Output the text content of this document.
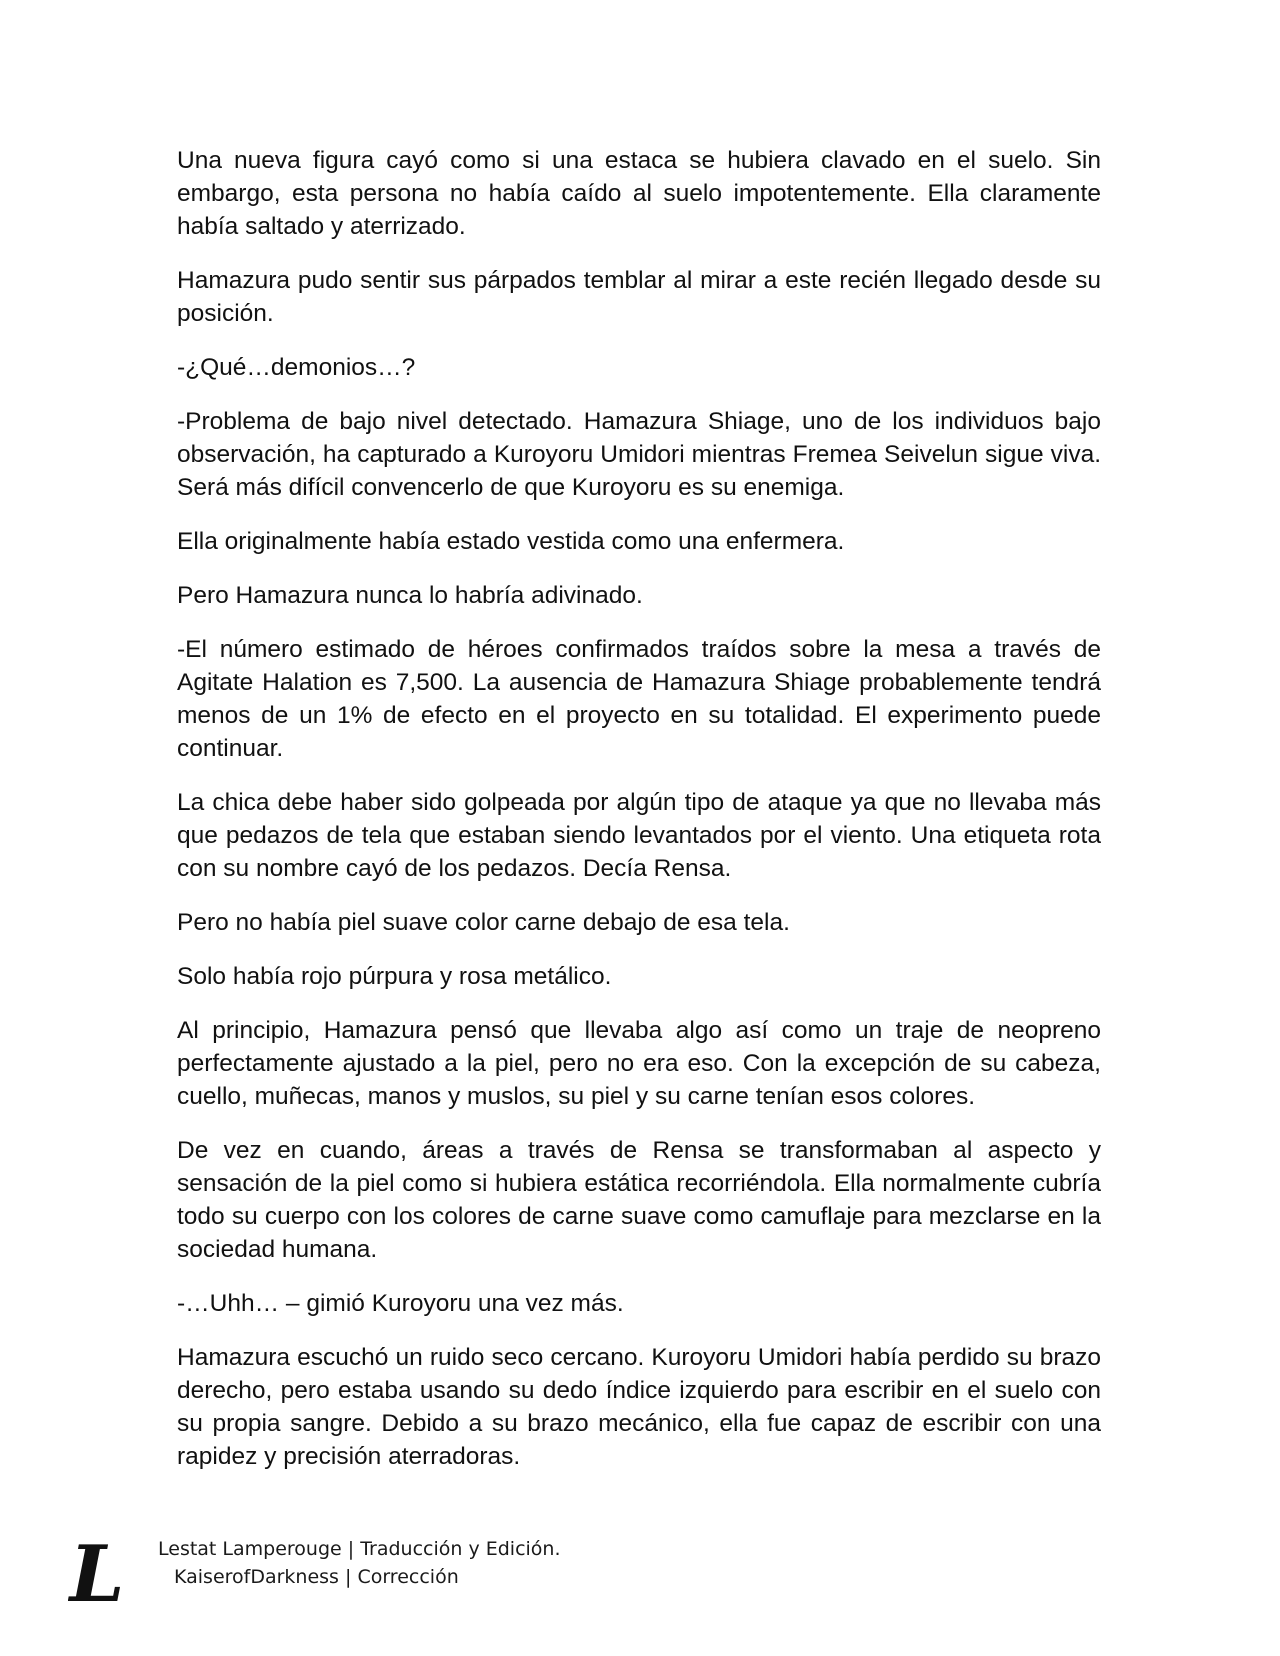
Una nueva figura cayó como si una estaca se hubiera clavado en el suelo. Sin embargo, esta persona no había caído al suelo impotentemente. Ella claramente había saltado y aterrizado.

Hamazura pudo sentir sus párpados temblar al mirar a este recién llegado desde su posición.

-¿Qué…demonios…?

-Problema de bajo nivel detectado. Hamazura Shiage, uno de los individuos bajo observación, ha capturado a Kuroyoru Umidori mientras Fremea Seivelun sigue viva. Será más difícil convencerlo de que Kuroyoru es su enemiga.

Ella originalmente había estado vestida como una enfermera.

Pero Hamazura nunca lo habría adivinado.

-El número estimado de héroes confirmados traídos sobre la mesa a través de Agitate Halation es 7,500. La ausencia de Hamazura Shiage probablemente tendrá menos de un 1% de efecto en el proyecto en su totalidad. El experimento puede continuar.

La chica debe haber sido golpeada por algún tipo de ataque ya que no llevaba más que pedazos de tela que estaban siendo levantados por el viento. Una etiqueta rota con su nombre cayó de los pedazos. Decía Rensa.

Pero no había piel suave color carne debajo de esa tela.

Solo había rojo púrpura y rosa metálico.

Al principio, Hamazura pensó que llevaba algo así como un traje de neopreno perfectamente ajustado a la piel, pero no era eso. Con la excepción de su cabeza, cuello, muñecas, manos y muslos, su piel y su carne tenían esos colores.

De vez en cuando, áreas a través de Rensa se transformaban al aspecto y sensación de la piel como si hubiera estática recorriéndola. Ella normalmente cubría todo su cuerpo con los colores de carne suave como camuflaje para mezclarse en la sociedad humana.

-…Uhh… – gimió Kuroyoru una vez más.

Hamazura escuchó un ruido seco cercano. Kuroyoru Umidori había perdido su brazo derecho, pero estaba usando su dedo índice izquierdo para escribir en el suelo con su propia sangre. Debido a su brazo mecánico, ella fue capaz de escribir con una rapidez y precisión aterradoras.

L Lestat Lamperouge | Traducción y Edición.
KaiserofDarkness | Corrección
